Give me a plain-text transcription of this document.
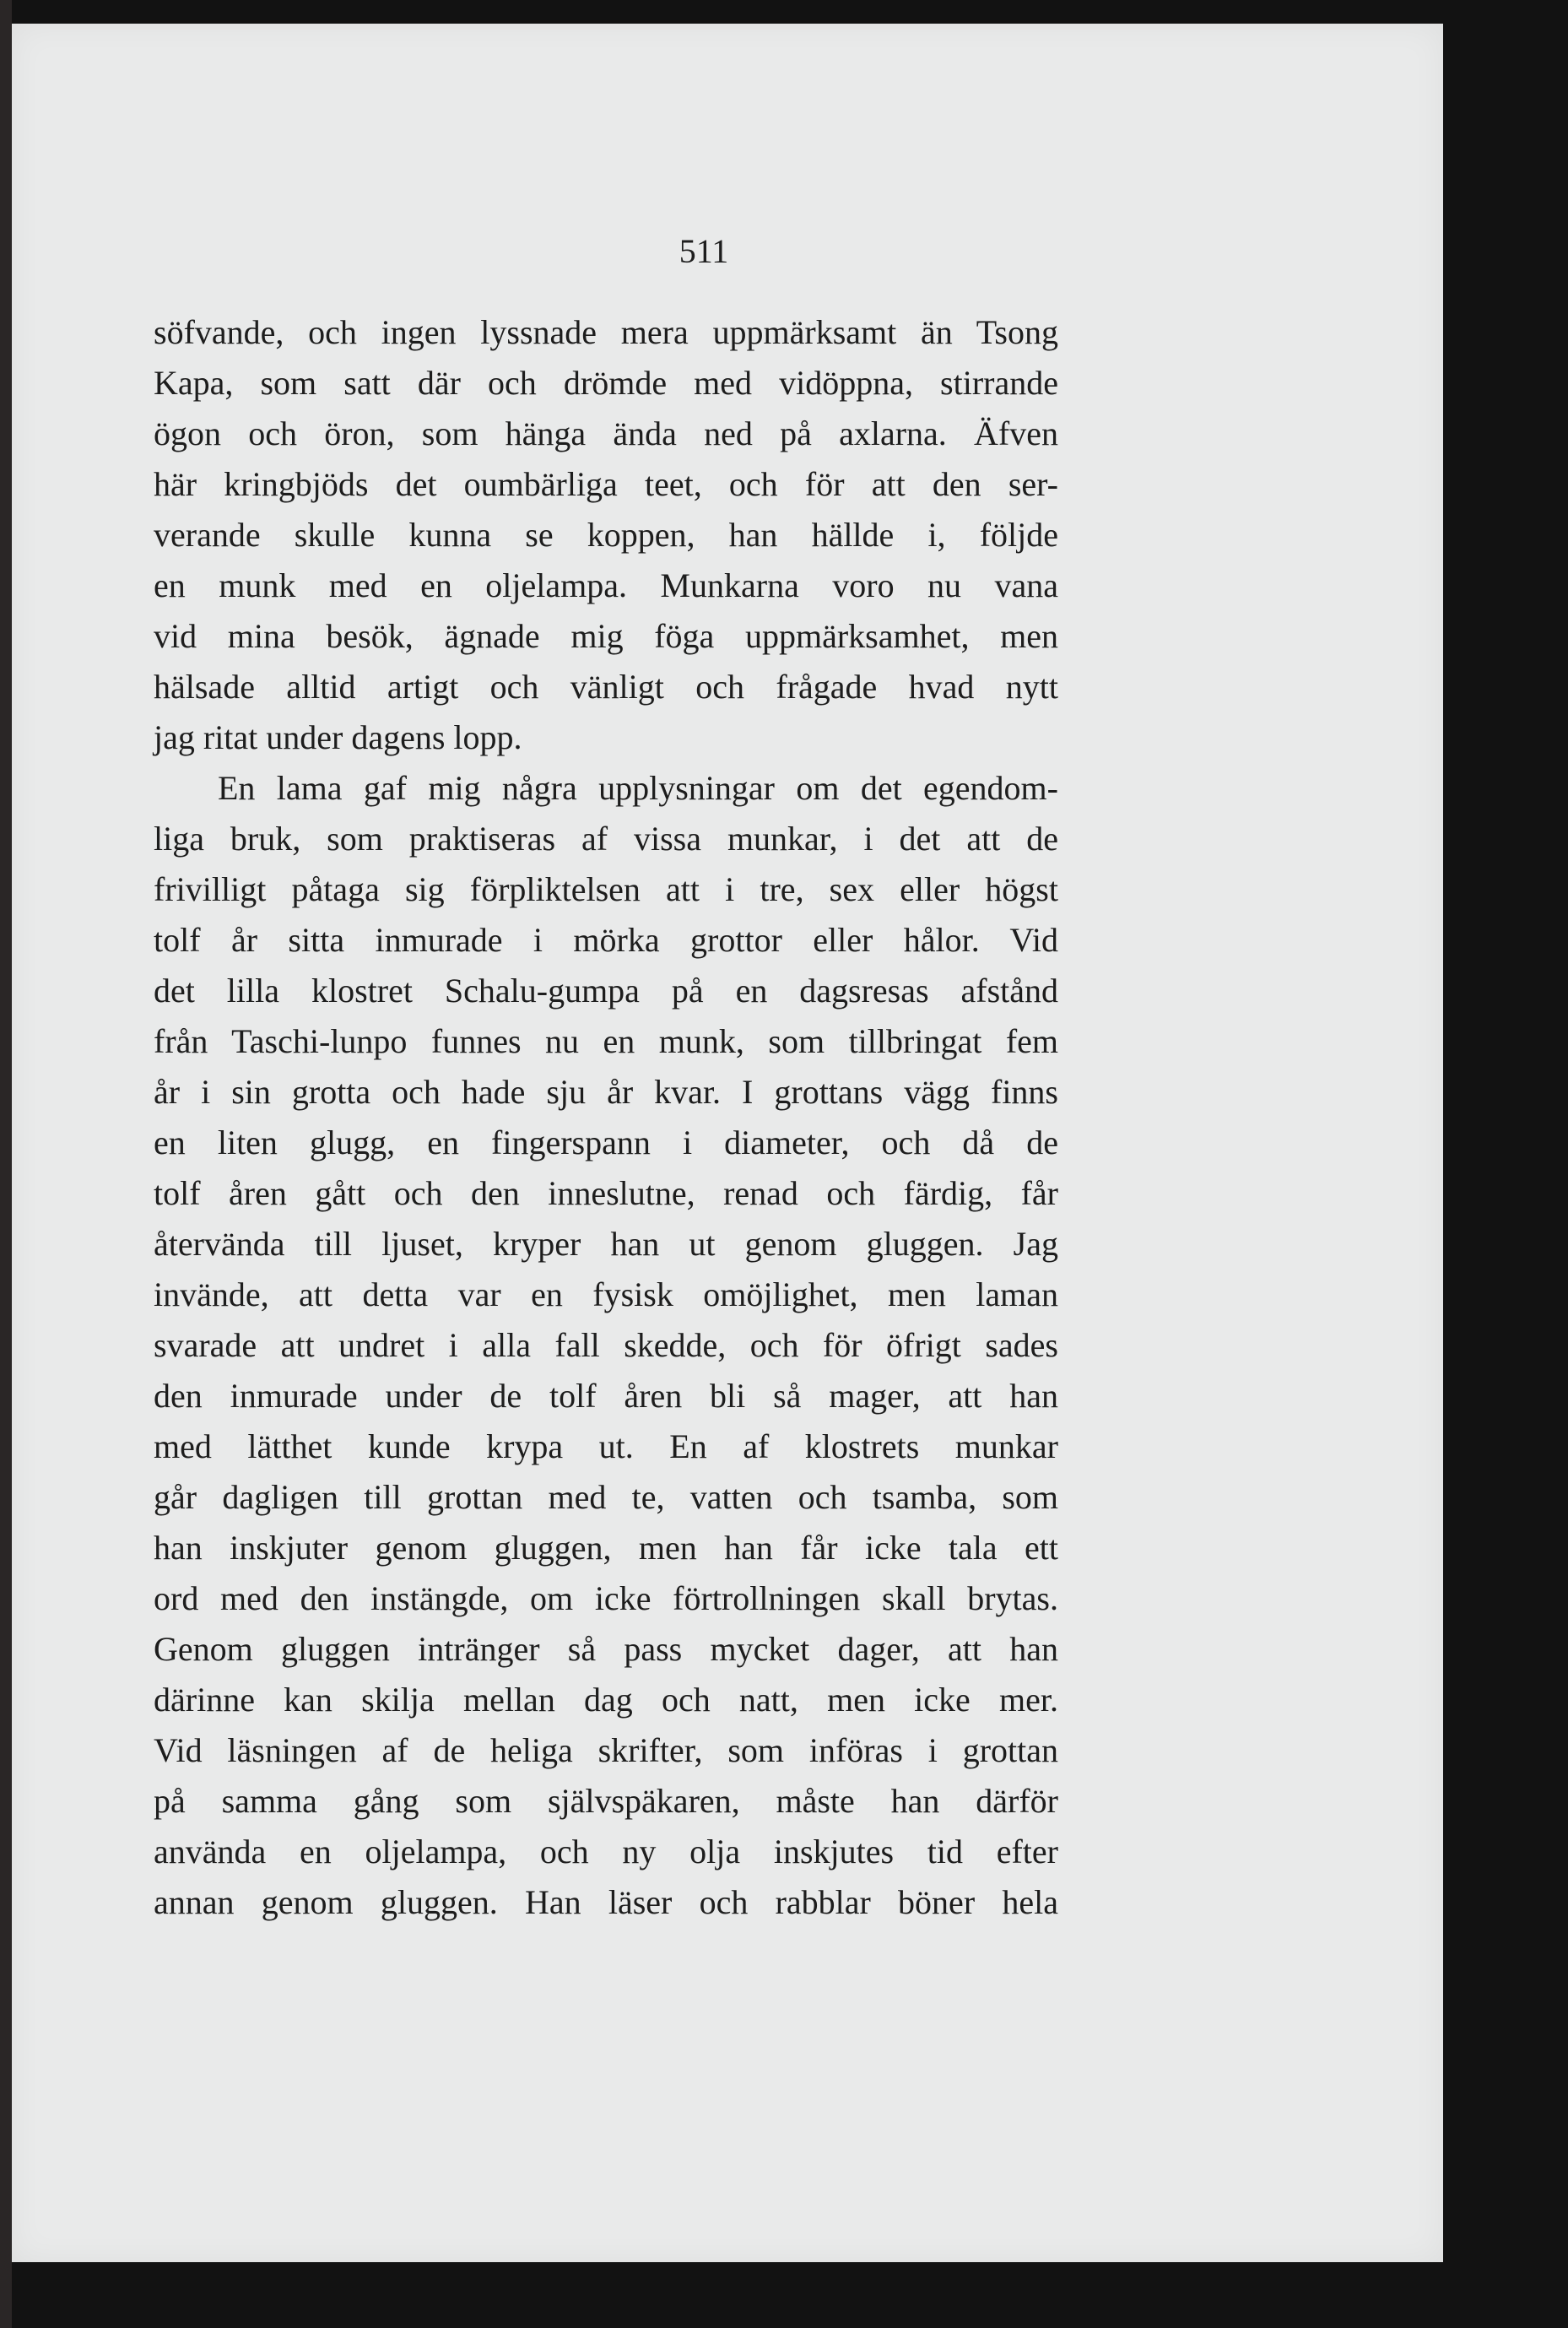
511
söfvande, och ingen lyssnade mera uppmärksamt än Tsong
Kapa, som satt där och drömde med vidöppna, stirrande
ögon och öron, som hänga ända ned på axlarna. Äfven
här kringbjöds det oumbärliga teet, och för att den ser-
verande skulle kunna se koppen, han hällde i, följde
en munk med en oljelampa. Munkarna voro nu vana
vid mina besök, ägnade mig föga uppmärksamhet, men
hälsade alltid artigt och vänligt och frågade hvad nytt
jag ritat under dagens lopp.
En lama gaf mig några upplysningar om det egendom-
liga bruk, som praktiseras af vissa munkar, i det att de
frivilligt påtaga sig förpliktelsen att i tre, sex eller högst
tolf år sitta inmurade i mörka grottor eller hålor. Vid
det lilla klostret Schalu-gumpa på en dagsresas afstånd
från Taschi-lunpo funnes nu en munk, som tillbringat fem
år i sin grotta och hade sju år kvar. I grottans vägg finns
en liten glugg, en fingerspann i diameter, och då de
tolf åren gått och den inneslutne, renad och färdig, får
återvända till ljuset, kryper han ut genom gluggen. Jag
invände, att detta var en fysisk omöjlighet, men laman
svarade att undret i alla fall skedde, och för öfrigt sades
den inmurade under de tolf åren bli så mager, att han
med lätthet kunde krypa ut. En af klostrets munkar
går dagligen till grottan med te, vatten och tsamba, som
han inskjuter genom gluggen, men han får icke tala ett
ord med den instängde, om icke förtrollningen skall brytas.
Genom gluggen intränger så pass mycket dager, att han
därinne kan skilja mellan dag och natt, men icke mer.
Vid läsningen af de heliga skrifter, som införas i grottan
på samma gång som självspäkaren, måste han därför
använda en oljelampa, och ny olja inskjutes tid efter
annan genom gluggen. Han läser och rabblar böner hela
